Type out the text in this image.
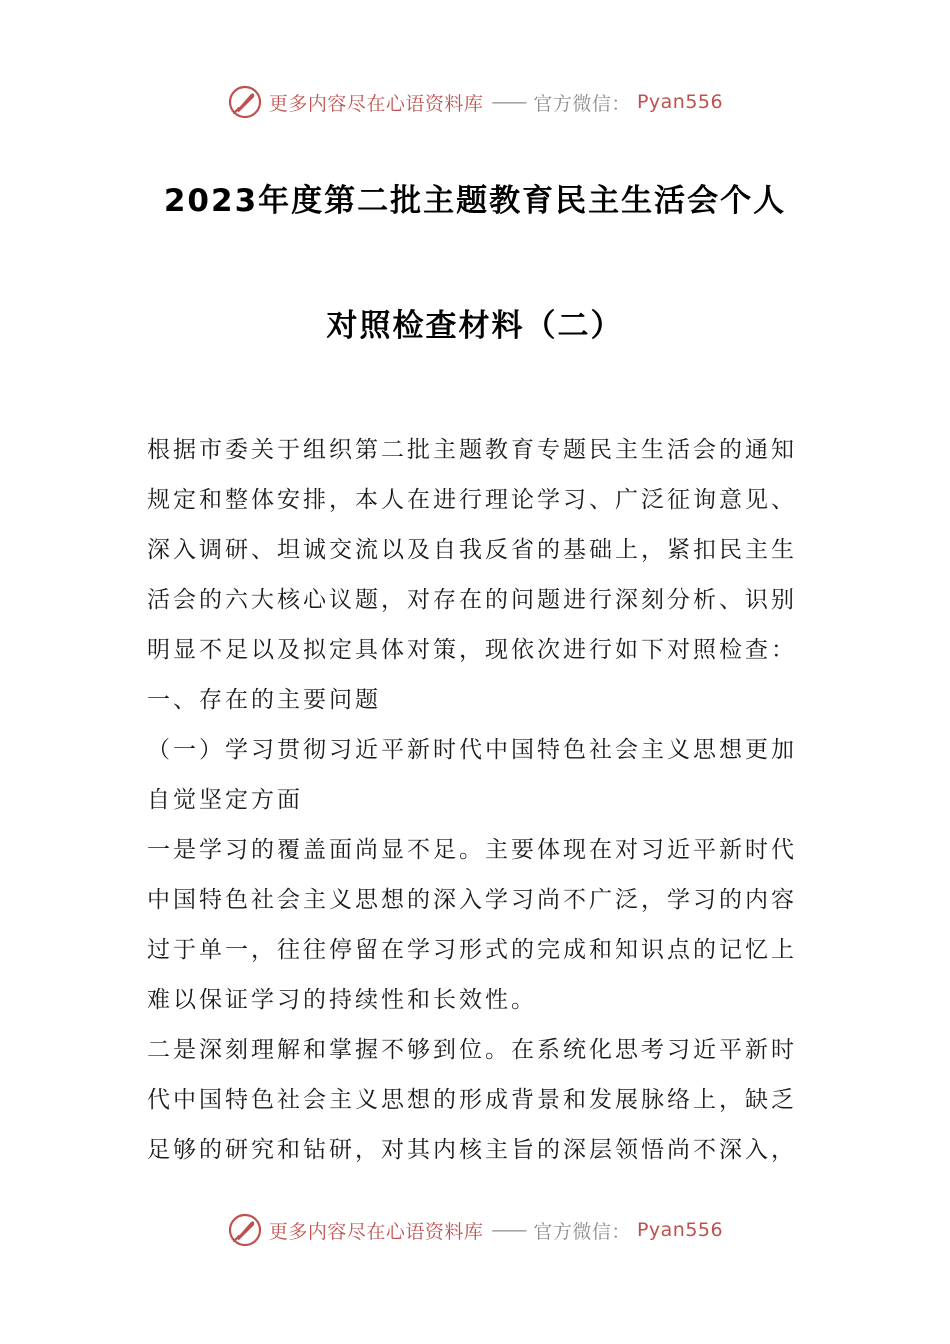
更多内容尽在心语资料库 —— 官方微信： Pyan556
2023年度第二批主题教育民主生活会个人
对照检查材料（二）

根据市委关于组织第二批主题教育专题民主生活会的通知规定和整体安排，本人在进行理论学习、广泛征询意见、深入调研、坦诚交流以及自我反省的基础上，紧扣民主生活会的六大核心议题，对存在的问题进行深刻分析、识别明显不足以及拟定具体对策，现依次进行如下对照检查：

一、存在的主要问题

（一）学习贯彻习近平新时代中国特色社会主义思想更加自觉坚定方面

一是学习的覆盖面尚显不足。主要体现在对习近平新时代中国特色社会主义思想的深入学习尚不广泛，学习的内容过于单一，往往停留在学习形式的完成和知识点的记忆上难以保证学习的持续性和长效性。

二是深刻理解和掌握不够到位。在系统化思考习近平新时代中国特色社会主义思想的形成背景和发展脉络上，缺乏足够的研究和钻研，对其内核主旨的深层领悟尚不深入，

更多内容尽在心语资料库 —— 官方微信： Pyan556
